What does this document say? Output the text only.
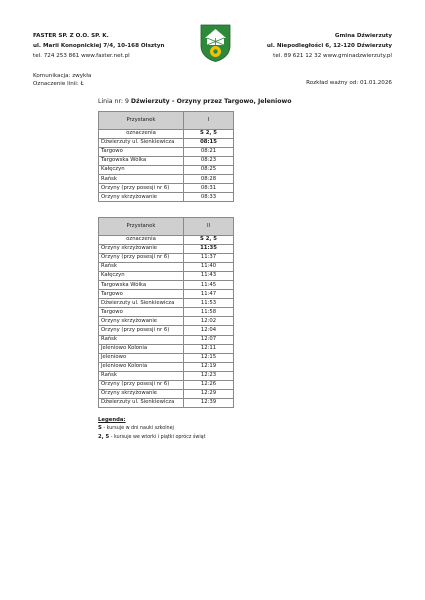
FASTER SP. Z O.O. SP. K.
ul. Marii Konopnickiej 7/4, 10-168 Olsztyn
tel. 724 253 861 www.faster.net.pl
Gmina Dźwierzuty
ul. Niepodległości 6, 12-120 Dźwierzuty
tel. 89 621 12 32 www.gminadzwierzuty.pl
Komunikacja: zwykła
Oznaczenie linii: Ł	Rozkład ważny od: 01.01.2026
Linia nr: 9 Dźwierzuty - Orzyny przez Targowo, Jeleniowo
Przystanek	I
oznaczenia	S 2, 5
Dźwierzuty ul. Sienkiewicza	08:15
Targowo	08:21
Targowska Wólka	08:23
Kałęczyn	08:25
Rańsk	08:28
Orzyny (przy posesji nr 6)	08:31
Orzyny skrzyżowanie	08:33
Przystanek	II
oznaczenia	S 2, 5
Orzyny skrzyżowanie	11:35
Orzyny (przy posesji nr 6)	11:37
Rańsk	11:40
Kałęczyn	11:43
Targowska Wólka	11:45
Targowo	11:47
Dźwierzuty ul. Sienkiewicza	11:53
Targowo	11:58
Orzyny skrzyżowanie	12:02
Orzyny (przy posesji nr 6)	12:04
Rańsk	12:07
Jeleniowo Kolonia	12:11
Jeleniowo	12:15
Jeleniowo Kolonia	12:19
Rańsk	12:23
Orzyny (przy posesji nr 6)	12:26
Orzyny skrzyżowanie	12:29
Dźwierzuty ul. Sienkiewicza	12:39
Legenda:
S - kursuje w dni nauki szkolnej
2, 5 - kursuje we wtorki i piątki oprócz świąt
